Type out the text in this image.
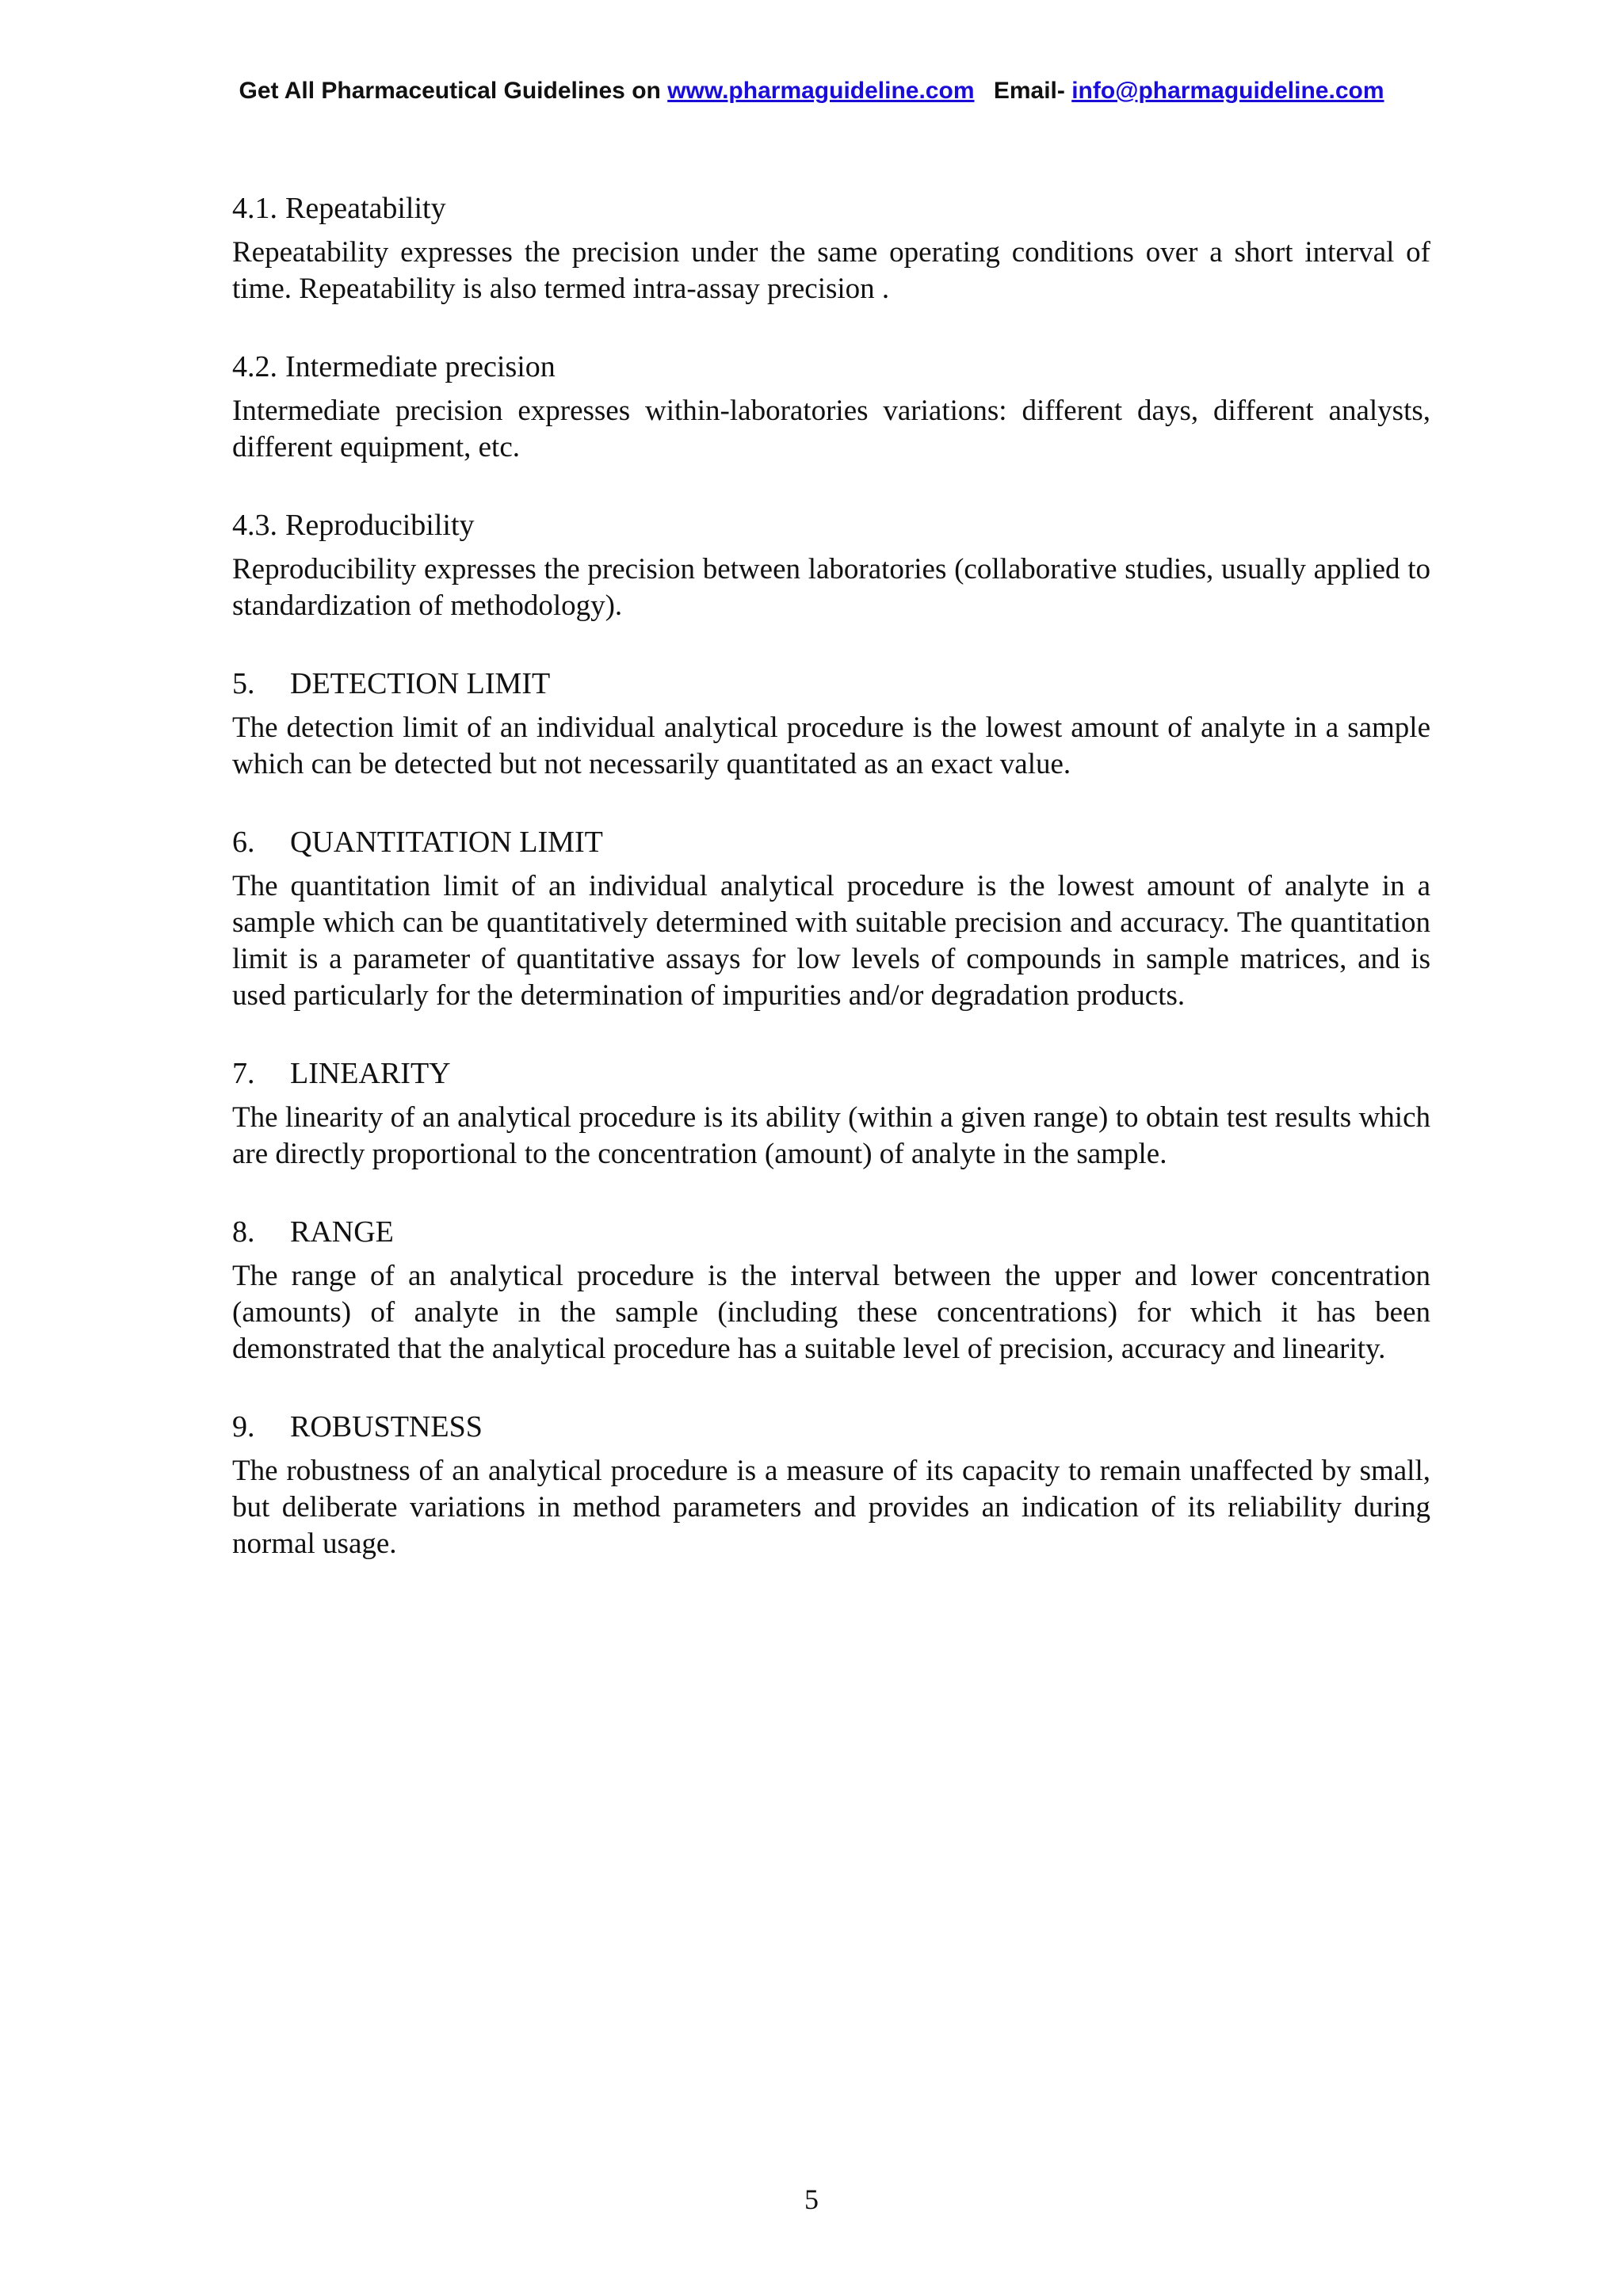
Get All Pharmaceutical Guidelines on www.pharmaguideline.com Email- info@pharmaguideline.com
4.1. Repeatability

Repeatability expresses the precision under the same operating conditions over a short interval of time. Repeatability is also termed intra-assay precision .

4.2. Intermediate precision

Intermediate precision expresses within-laboratories variations: different days, different analysts, different equipment, etc.

4.3. Reproducibility

Reproducibility expresses the precision between laboratories (collaborative studies, usually applied to standardization of methodology).

5. DETECTION LIMIT

The detection limit of an individual analytical procedure is the lowest amount of analyte in a sample which can be detected but not necessarily quantitated as an exact value.

6. QUANTITATION LIMIT

The quantitation limit of an individual analytical procedure is the lowest amount of analyte in a sample which can be quantitatively determined with suitable precision and accuracy. The quantitation limit is a parameter of quantitative assays for low levels of compounds in sample matrices, and is used particularly for the determination of impurities and/or degradation products.

7. LINEARITY

The linearity of an analytical procedure is its ability (within a given range) to obtain test results which are directly proportional to the concentration (amount) of analyte in the sample.

8. RANGE

The range of an analytical procedure is the interval between the upper and lower concentration (amounts) of analyte in the sample (including these concentrations) for which it has been demonstrated that the analytical procedure has a suitable level of precision, accuracy and linearity.

9. ROBUSTNESS

The robustness of an analytical procedure is a measure of its capacity to remain unaffected by small, but deliberate variations in method parameters and provides an indication of its reliability during normal usage.

5
